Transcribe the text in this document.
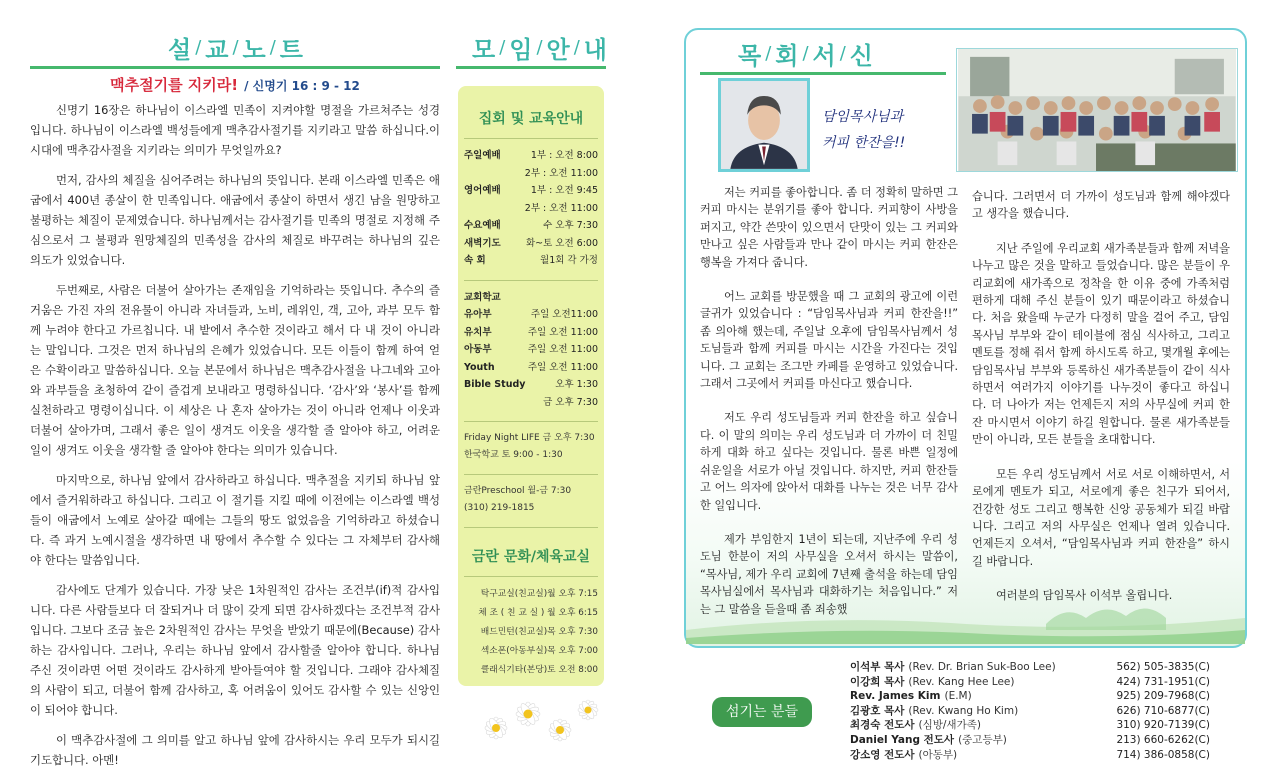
설 / 교 / 노 / 트
맥추절기를 지키라! / 신명기 16 : 9 - 12

신명기 16장은 하나님이 이스라엘 민족이 지켜야할 명절을 가르쳐주는 성경입니다. 하나님이 이스라엘 백성들에게 맥추감사절기를 지키라고 말씀 하십니다.이 시대에 맥추감사절을 지키라는 의미가 무엇일까요?

먼저, 감사의 체질을 심어주려는 하나님의 뜻입니다. 본래 이스라엘 민족은 애굽에서 400년 종살이 한 민족입니다. 애굽에서 종살이 하면서 생긴 남을 원망하고 불평하는 체질이 문제였습니다. 하나님께서는 감사절기를 민족의 명절로 지정해 주심으로서 그 불평과 원망체질의 민족성을 감사의 체질로 바꾸려는 하나님의 깊은 의도가 있었습니다.

두번째로, 사람은 더불어 살아가는 존재임을 기억하라는 뜻입니다. 추수의 즐거움은 가진 자의 전유물이 아니라 자녀들과, 노비, 레위인, 객, 고아, 과부 모두 함께 누려야 한다고 가르칩니다. 내 밭에서 추수한 것이라고 해서 다 내 것이 아니라는 말입니다. 그것은 먼저 하나님의 은혜가 있었습니다. 모든 이들이 함께 하여 얻은 수확이라고 말씀하십니다. 오늘 본문에서 하나님은 맥추감사절을 나그네와 고아와 과부들을 초청하여 같이 즐겁게 보내라고 명령하십니다. ‘감사’와 ‘봉사’를 함께 실천하라고 명령이십니다. 이 세상은 나 혼자 살아가는 것이 아니라 언제나 이웃과 더불어 살아가며, 그래서 좋은 일이 생겨도 이웃을 생각할 줄 알아야 하고, 어려운 일이 생겨도 이웃을 생각할 줄 알아야 한다는 의미가 있습니다.

마지막으로, 하나님 앞에서 감사하라고 하십니다. 맥추절을 지키되 하나님 앞에서 즐거워하라고 하십니다. 그리고 이 절기를 지킬 때에 이전에는 이스라엘 백성들이 애굽에서 노예로 살아갈 때에는 그들의 땅도 없었음을 기억하라고 하셨습니다. 즉 과거 노예시절을 생각하면 내 땅에서 추수할 수 있다는 그 자체부터 감사해야 한다는 말씀입니다.

감사에도 단계가 있습니다. 가장 낮은 1차원적인 감사는 조건부(if)적 감사입니다. 다른 사람들보다 더 잘되거나 더 많이 갖게 되면 감사하겠다는 조건부적 감사입니다. 그보다 조금 높은 2차원적인 감사는 무엇을 받았기 때문에(Because) 감사하는 감사입니다. 그러나, 우리는 하나님 앞에서 감사할줄 알아야 합니다. 하나님 주신 것이라면 어떤 것이라도 감사하게 받아들여야 할 것입니다. 그래야 감사체질의 사람이 되고, 더불어 함께 감사하고, 혹 어려움이 있어도 감사할 수 있는 신앙인이 되어야 합니다.

이 맥추감사절에 그 의미를 알고 하나님 앞에 감사하시는 우리 모두가 되시길 기도합니다. 아멘!

모 / 임 / 안 / 내
집회 및 교육안내
주일예배	1부 : 오전 8:00
2부 : 오전 11:00
영어예배	1부 : 오전 9:45
2부 : 오전 11:00
수요예배	수 오후 7:30
새벽기도	화~토 오전 6:00
속 회	월1회 각 가정
교회학교
유아부	주일 오전11:00
유치부	주일 오전 11:00
아동부	주일 오전 11:00
Youth	주일 오전 11:00
Bible Study	오후 1:30
금 오후 7:30
Friday Night LIFE 금 오후 7:30
한국학교 토 9:00 - 1:30
금란Preschool 월-금 7:30
(310) 219-1815
금란 문화/체육교실
탁구교실(친교실)월 오후 7:15
체 조 ( 친 교 실 ) 월 오후 6:15
배드민턴(친교실)목 오후 7:30
섹소폰(아동부실)목 오후 7:00
클래식기타(본당)토 오전 8:00
목 / 회 / 서 / 신
담임목사님과
커피 한잔을!!

저는 커피를 좋아합니다. 좀 더 정확히 말하면 그 커피 마시는 분위기를 좋아 합니다. 커피향이 사방을 퍼지고, 약간 쓴맛이 있으면서 단맛이 있는 그 커피와 만나고 싶은 사람들과 만나 같이 마시는 커피 한잔은 행복을 가져다 줍니다.

어느 교회를 방문했을 때 그 교회의 광고에 이런 글귀가 있었습니다 : “담임목사님과 커피 한잔을!!” 좀 의아해 했는데, 주일날 오후에 담임목사님께서 성도님들과 함께 커피를 마시는 시간을 가진다는 것입니다. 그 교회는 조그만 카페를 운영하고 있었습니다. 그래서 그곳에서 커피를 마신다고 했습니다.

저도 우리 성도님들과 커피 한잔을 하고 싶습니다. 이 말의 의미는 우리 성도님과 더 가까이 더 친밀하게 대화 하고 싶다는 것입니다. 물론 바쁜 일정에 쉬운일을 서로가 아닐 것입니다. 하지만, 커피 한잔들고 어느 의자에 앉아서 대화를 나누는 것은 너무 감사한 일입니다.

제가 부임한지 1년이 되는데, 지난주에 우리 성도님 한분이 저의 사무실을 오셔서 하시는 말씀이, “목사님, 제가 우리 교회에 7년째 출석을 하는데 담임목사님실에서 목사님과 대화하기는 처음입니다.” 저는 그 말씀을 듣을때 좀 죄송했

습니다. 그러면서 더 가까이 성도님과 함께 해야겠다고 생각을 했습니다.

지난 주일에 우리교회 새가족분들과 함께 저녁을 나누고 많은 것을 말하고 들었습니다. 많은 분들이 우리교회에 새가족으로 정착을 한 이유 중에 가족처럼 편하게 대해 주신 분들이 있기 때문이라고 하셨습니다. 처음 왔을때 누군가 다정히 말을 걸어 주고, 담임목사님 부부와 같이 테이블에 점심 식사하고, 그리고 멘토를 정해 줘서 함께 하시도록 하고, 몇개월 후에는 담임목사님 부부와 등록하신 새가족분들이 같이 식사하면서 여러가지 이야기를 나누것이 좋다고 하십니다. 더 나아가 저는 언제든지 저의 사무실에 커피 한잔 마시면서 이야기 하길 원합니다. 물론 새가족분들만이 아니라, 모든 분들을 초대합니다.

모든 우리 성도님께서 서로 서로 이해하면서, 서로에게 멘토가 되고, 서로에게 좋은 친구가 되어서, 건강한 성도 그리고 행복한 신앙 공동체가 되길 바랍니다. 그리고 저의 사무실은 언제나 열려 있습니다. 언제든지 오셔서, “담임목사님과 커피 한잔을” 하시길 바랍니다.

여러분의 담임목사 이석부 올립니다.

섬기는 분들
이석부 목사 (Rev. Dr. Brian Suk-Boo Lee)	562) 505-3835(C)
이강희 목사 (Rev. Kang Hee Lee)	424) 731-1951(C)
Rev. James Kim (E.M)	925) 209-7968(C)
김광호 목사 (Rev. Kwang Ho Kim)	626) 710-6877(C)
최경숙 전도사 (심방/새가족)	310) 920-7139(C)
Daniel Yang 전도사 (중고등부)	213) 660-6262(C)
강소영 전도사 (아동부)	714) 386-0858(C)
